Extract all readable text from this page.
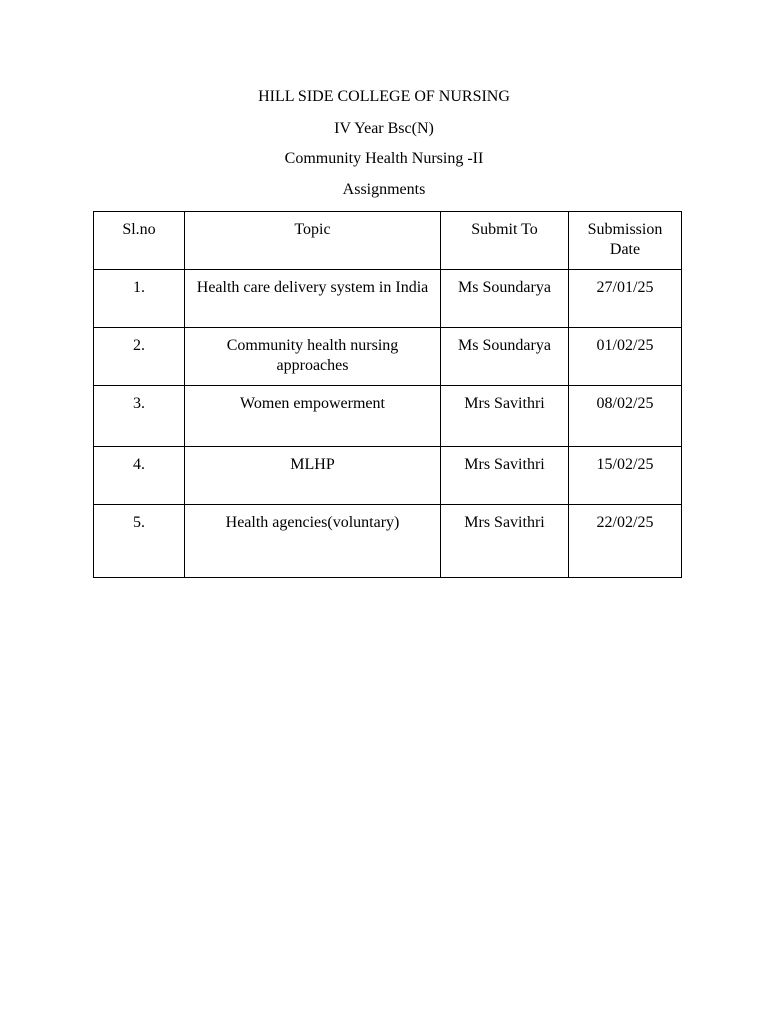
HILL SIDE COLLEGE OF NURSING

IV Year Bsc(N)

Community Health Nursing -II

Assignments

Sl.no	Topic	Submit To	Submission Date
1.	Health care delivery system in India	Ms Soundarya	27/01/25
2.	Community health nursing approaches	Ms Soundarya	01/02/25
3.	Women empowerment	Mrs Savithri	08/02/25
4.	MLHP	Mrs Savithri	15/02/25
5.	Health agencies(voluntary)	Mrs Savithri	22/02/25
